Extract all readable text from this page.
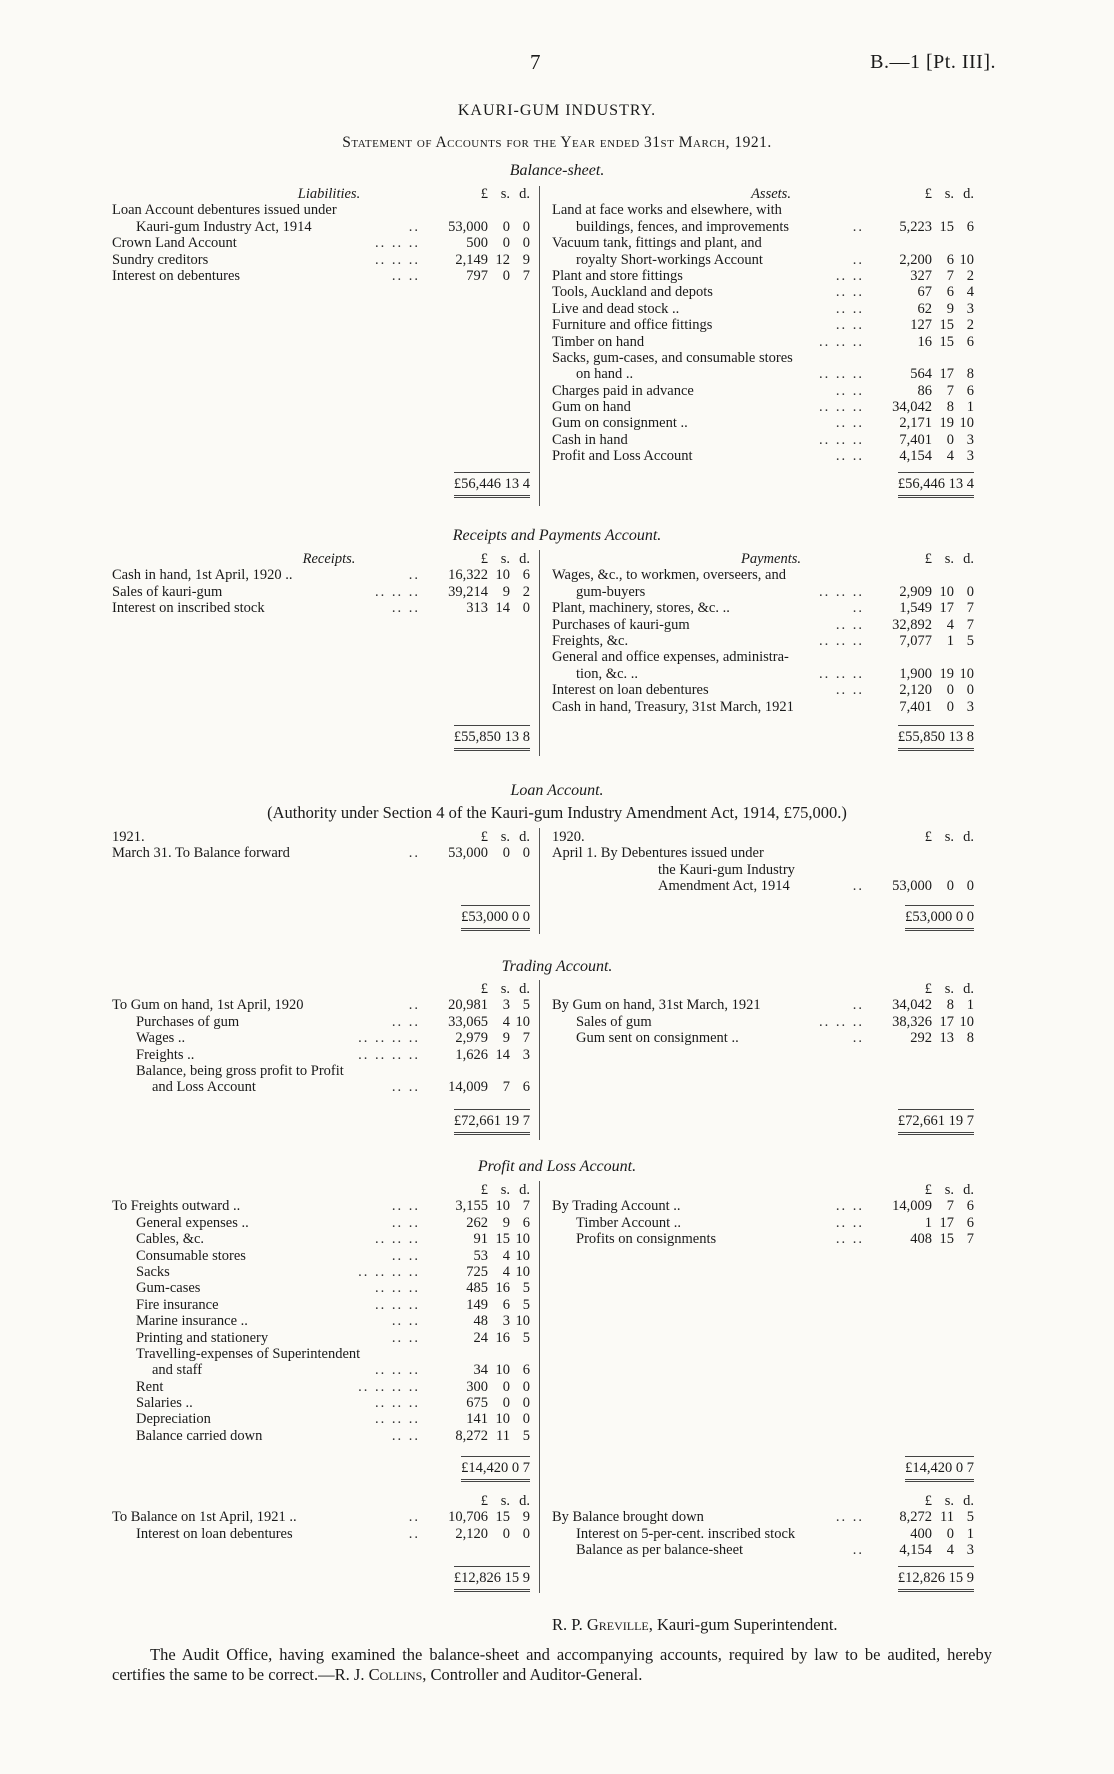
7	B.—1 [Pt. III].
KAURI-GUM INDUSTRY.
Statement of Accounts for the Year ended 31st March, 1921.
Balance-sheet.
Liabilities.	£ s. d.
Loan Account debentures issued under
Kauri-gum Industry Act, 1914	..	53,000	0 0
Crown Land Account	.. .. ..	500	0 0
Sundry creditors	.. .. ..	2,149 12 9
Interest on debentures	.. ..	797	0 7
Assets.	£ s. d.
Land at face works and elsewhere, with
buildings, fences, and improvements	..	5,223 15 6
Vacuum tank, fittings and plant, and
royalty Short-workings Account	..	2,200	6 10
Plant and store fittings	.. ..	327	7 2
Tools, Auckland and depots	.. ..	67	6 4
Live and dead stock ..	.. ..	62	9 3
Furniture and office fittings	.. ..	127 15 2
Timber on hand	.. .. ..	16 15 6
Sacks, gum-cases, and consumable stores
on hand ..	.. .. ..	564 17 8
Charges paid in advance	.. ..	86	7 6
Gum on hand	.. .. ..	34,042	8 1
Gum on consignment ..	.. ..	2,171 19 10
Cash in hand	.. .. ..	7,401	0 3
Profit and Loss Account	.. ..	4,154	4 3
£56,446 13 4	£56,446 13 4
Receipts and Payments Account.
Receipts.	£ s. d.
Cash in hand, 1st April, 1920 ..	..	16,322 10 6
Sales of kauri-gum	.. .. ..	39,214	9 2
Interest on inscribed stock	.. ..	313 14 0
Payments.	£ s. d.
Wages, &c., to workmen, overseers, and
gum-buyers	.. .. ..	2,909 10 0
Plant, machinery, stores, &c. ..	..	1,549 17 7
Purchases of kauri-gum	.. ..	32,892	4 7
Freights, &c.	.. .. ..	7,077	1 5
General and office expenses, administra-
tion, &c. ..	.. .. ..	1,900 19 10
Interest on loan debentures	.. ..	2,120	0 0
Cash in hand, Treasury, 31st March, 1921	7,401	0 3
£55,850 13 8	£55,850 13 8
Loan Account.
(Authority under Section 4 of the Kauri-gum Industry Amendment Act, 1914, £75,000.)
1921.	£ s. d.
March 31. To Balance forward	..	53,000	0 0
1920.	£ s. d.
April 1. By Debentures issued under
the Kauri-gum Industry
Amendment Act, 1914	..	53,000	0 0
£53,000 0 0	£53,000 0 0
Trading Account.
£ s. d.
To Gum on hand, 1st April, 1920	..	20,981	3 5
Purchases of gum	.. ..	33,065	4 10
Wages ..	.. .. .. ..	2,979	9 7
Freights ..	.. .. .. ..	1,626 14 3
Balance, being gross profit to Profit
and Loss Account	.. ..	14,009	7 6
£ s. d.
By Gum on hand, 31st March, 1921	..	34,042	8 1
Sales of gum	.. .. ..	38,326 17 10
Gum sent on consignment ..	..	292 13 8
£72,661 19 7	£72,661 19 7
Profit and Loss Account.
£ s. d.
To Freights outward ..	.. ..	3,155 10 7
General expenses ..	.. ..	262	9 6
Cables, &c.	.. .. ..	91 15 10
Consumable stores	.. ..	53	4 10
Sacks	.. .. .. ..	725	4 10
Gum-cases	.. .. ..	485 16 5
Fire insurance	.. .. ..	149	6 5
Marine insurance ..	.. ..	48	3 10
Printing and stationery	.. ..	24 16 5
Travelling-expenses of Superintendent
and staff	.. .. ..	34 10 6
Rent	.. .. .. ..	300	0 0
Salaries ..	.. .. ..	675	0 0
Depreciation	.. .. ..	141 10 0
Balance carried down	.. ..	8,272 11 5
£ s. d.
By Trading Account ..	.. ..	14,009	7 6
Timber Account ..	.. ..	1 17 6
Profits on consignments	.. ..	408 15 7
£14,420 0 7	£14,420 0 7
£ s. d.
To Balance on 1st April, 1921 ..	..	10,706 15 9
Interest on loan debentures	..	2,120	0 0
£ s. d.
By Balance brought down	.. ..	8,272 11 5
Interest on 5-per-cent. inscribed stock	400	0 1
Balance as per balance-sheet	..	4,154	4 3
£12,826 15 9	£12,826 15 9
R. P. Greville, Kauri-gum Superintendent.
The Audit Office, having examined the balance-sheet and accompanying accounts, required by law to be audited, hereby certifies the same to be correct.—R. J. Collins, Controller and Auditor-General.
